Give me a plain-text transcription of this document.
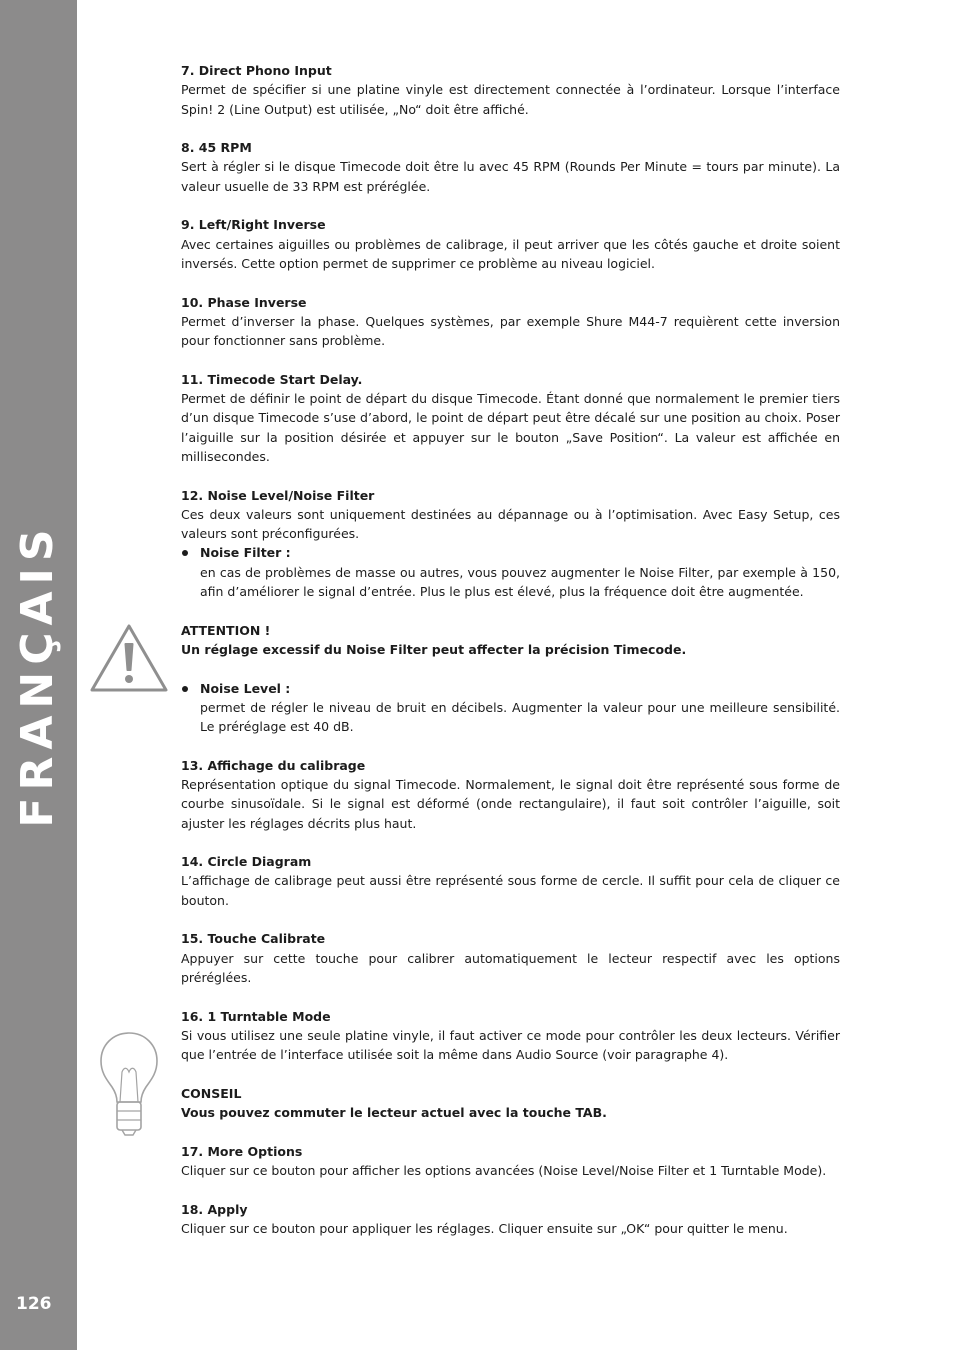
FRANÇAIS
126
7. Direct Phono Input
Permet de spécifier si une platine vinyle est directement connectée à l’ordinateur. Lorsque l’interface Spin! 2 (Line Output) est utilisée, „No“ doit être affiché.
8. 45 RPM
Sert à régler si le disque Timecode doit être lu avec 45 RPM (Rounds Per Minute = tours par minute). La valeur usuelle de 33 RPM est préréglée.
9. Left/Right Inverse
Avec certaines aiguilles ou problèmes de calibrage, il peut arriver que les côtés gauche et droite soient inversés. Cette option permet de supprimer ce problème au niveau logiciel.
10. Phase Inverse
Permet d’inverser la phase. Quelques systèmes, par exemple Shure M44-7 requièrent cette inversion pour fonctionner sans problème.
11. Timecode Start Delay.
Permet de définir le point de départ du disque Timecode. Étant donné que normalement le premier tiers d’un disque Timecode s’use d’abord, le point de départ peut être décalé sur une position au choix. Poser l’aiguille sur la position désirée et appuyer sur le bouton „Save Position“. La valeur est affichée en millisecondes.
12. Noise Level/Noise Filter
Ces deux valeurs sont uniquement destinées au dépannage ou à l’optimisation. Avec Easy Setup, ces valeurs sont préconfigurées.
Noise Filter :
en cas de problèmes de masse ou autres, vous pouvez augmenter le Noise Filter, par exemple à 150, afin d’améliorer le signal d’entrée. Plus le plus est élevé, plus la fréquence doit être augmentée.
ATTENTION !
Un réglage excessif du Noise Filter peut affecter la précision Timecode.
Noise Level :
permet de régler le niveau de bruit en décibels. Augmenter la valeur pour une meilleure sensibilité. Le préréglage est 40 dB.
13. Affichage du calibrage
Représentation optique du signal Timecode. Normalement, le signal doit être représenté sous forme de courbe sinusoïdale. Si le signal est déformé (onde rectangulaire), il faut soit contrôler l’aiguille, soit ajuster les réglages décrits plus haut.
14. Circle Diagram
L’affichage de calibrage peut aussi être représenté sous forme de cercle. Il suffit pour cela de cliquer ce bouton.
15. Touche Calibrate
Appuyer sur cette touche pour calibrer automatiquement le lecteur respectif avec les options préréglées.
16. 1 Turntable Mode
Si vous utilisez une seule platine vinyle, il faut activer ce mode pour contrôler les deux lecteurs. Vérifier que l’entrée de l’interface utilisée soit la même dans Audio Source (voir paragraphe 4).
CONSEIL
Vous pouvez commuter le lecteur actuel avec la touche TAB.
17. More Options
Cliquer sur ce bouton pour afficher les options avancées (Noise Level/Noise Filter et 1 Turntable Mode).
18. Apply
Cliquer sur ce bouton pour appliquer les réglages. Cliquer ensuite sur „OK“ pour quitter le menu.
